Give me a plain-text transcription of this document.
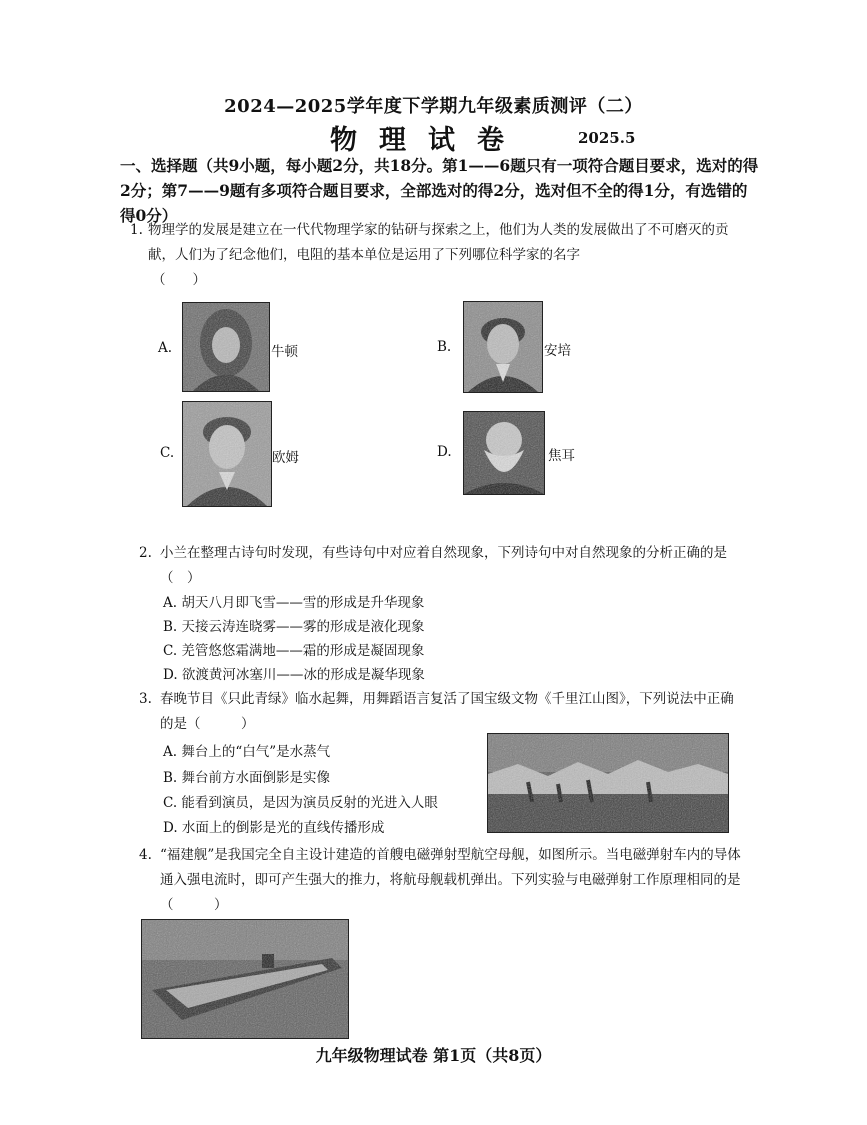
2024—2025学年度下学期九年级素质测评（二）
物理试卷	2025.5
一、选择题（共9小题，每小题2分，共18分。第1——6题只有一项符合题目要求，选对的得2分；第7——9题有多项符合题目要求，全部选对的得2分，选对但不全的得1分，有选错的得0分）
1. 物理学的发展是建立在一代代物理学家的钻研与探索之上，他们为人类的发展做出了不可磨灭的贡献，人们为了纪念他们，电阻的基本单位是运用了下列哪位科学家的名字
（　　）
A.	牛顿	B.	安培
C.	欧姆	D.	焦耳
2. 小兰在整理古诗句时发现，有些诗句中对应着自然现象，下列诗句中对自然现象的分析正确的是（　）
A. 胡天八月即飞雪——雪的形成是升华现象
B. 天接云涛连晓雾——雾的形成是液化现象
C. 羌管悠悠霜满地——霜的形成是凝固现象
D. 欲渡黄河冰塞川——冰的形成是凝华现象
3. 春晚节目《只此青绿》临水起舞，用舞蹈语言复活了国宝级文物《千里江山图》，下列说法中正确的是（　　　）
A. 舞台上的“白气”是水蒸气
B. 舞台前方水面倒影是实像
C. 能看到演员，是因为演员反射的光进入人眼
D. 水面上的倒影是光的直线传播形成
4. “福建舰”是我国完全自主设计建造的首艘电磁弹射型航空母舰，如图所示。当电磁弹射车内的导体通入强电流时，即可产生强大的推力，将航母舰载机弹出。下列实验与电磁弹射工作原理相同的是（　　　）
九年级物理试卷 第1页（共8页）
